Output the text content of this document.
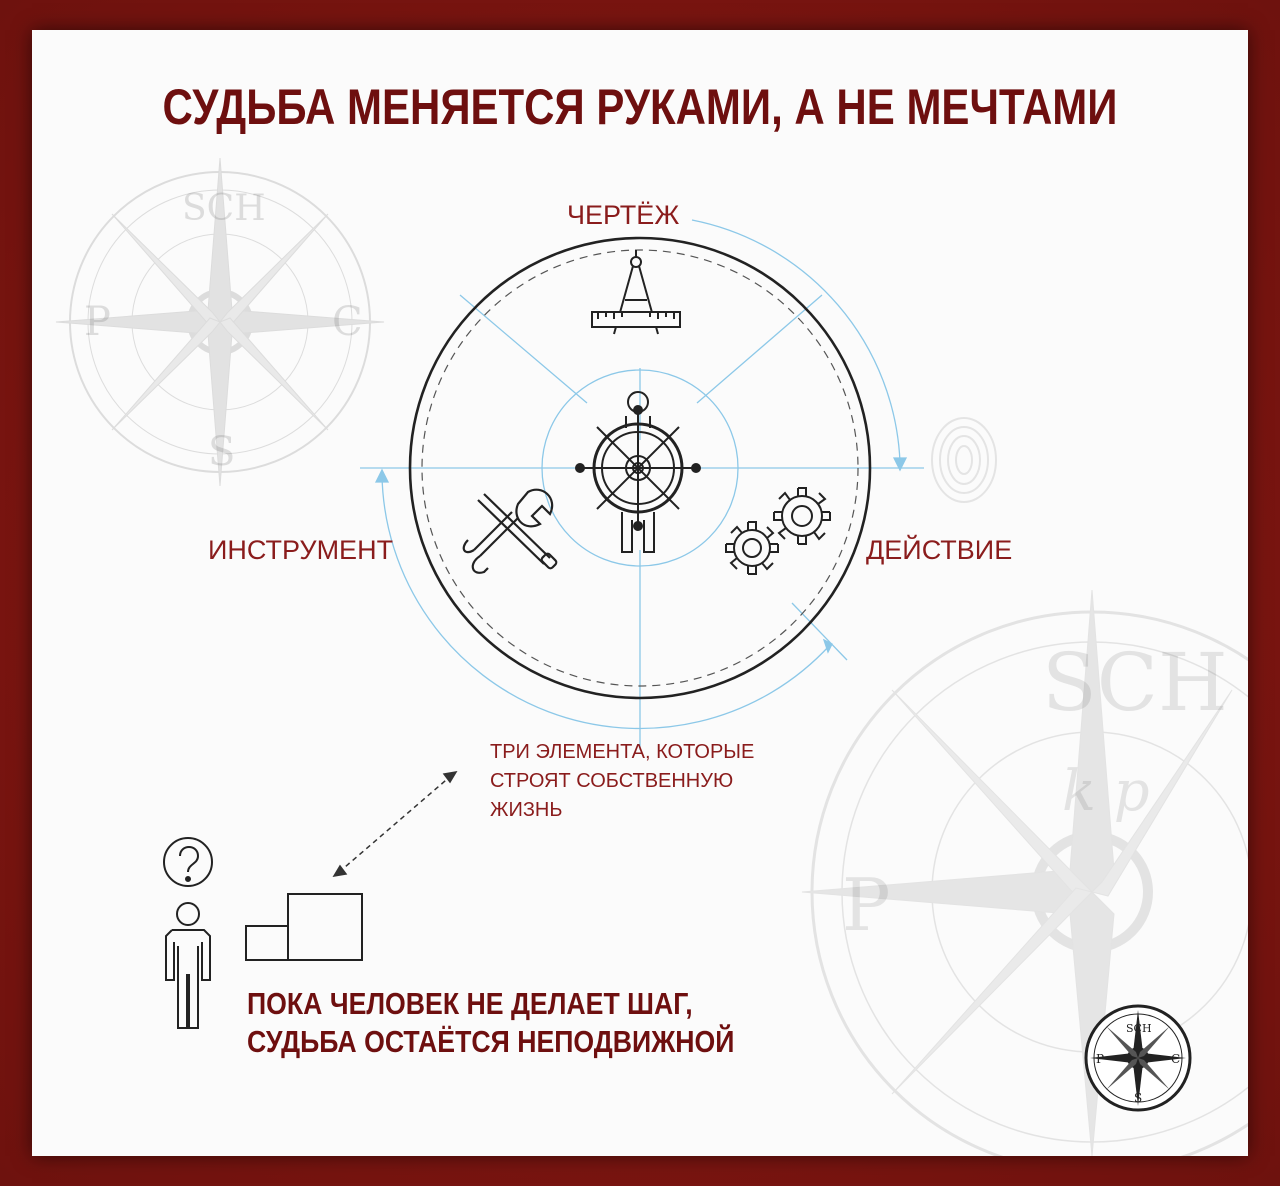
P	C
S
SCH
SCH
P
k p
SCH
P	C
S
СУДЬБА МЕНЯЕТСЯ РУКАМИ, А НЕ МЕЧТАМИ
ЧЕРТЁЖ
ИНСТРУМЕНТ	ДЕЙСТВИЕ
ТРИ ЭЛЕМЕНТА, КОТОРЫЕ
СТРОЯТ СОБСТВЕННУЮ
ЖИЗНЬ
ПОКА ЧЕЛОВЕК НЕ ДЕЛАЕТ ШАГ,
СУДЬБА ОСТАЁТСЯ НЕПОДВИЖНОЙ
